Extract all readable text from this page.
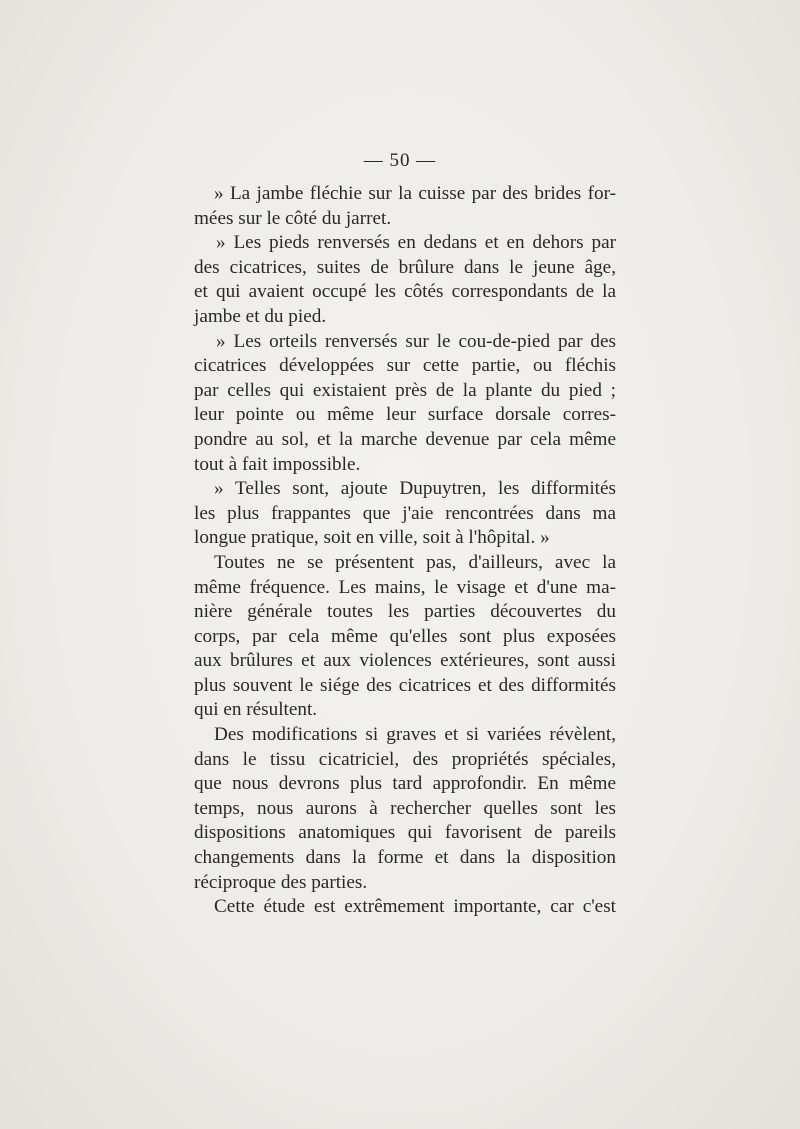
— 50 —
» La jambe fléchie sur la cuisse par des brides for-
mées sur le côté du jarret.
» Les pieds renversés en dedans et en dehors par
des cicatrices, suites de brûlure dans le jeune âge,
et qui avaient occupé les côtés correspondants de la
jambe et du pied.
» Les orteils renversés sur le cou-de-pied par des
cicatrices développées sur cette partie, ou fléchis
par celles qui existaient près de la plante du pied ;
leur pointe ou même leur surface dorsale corres-
pondre au sol, et la marche devenue par cela même
tout à fait impossible.
» Telles sont, ajoute Dupuytren, les difformités
les plus frappantes que j'aie rencontrées dans ma
longue pratique, soit en ville, soit à l'hôpital. »
Toutes ne se présentent pas, d'ailleurs, avec la
même fréquence. Les mains, le visage et d'une ma-
nière générale toutes les parties découvertes du
corps, par cela même qu'elles sont plus exposées
aux brûlures et aux violences extérieures, sont aussi
plus souvent le siége des cicatrices et des difformités
qui en résultent.
Des modifications si graves et si variées révèlent,
dans le tissu cicatriciel, des propriétés spéciales,
que nous devrons plus tard approfondir. En même
temps, nous aurons à rechercher quelles sont les
dispositions anatomiques qui favorisent de pareils
changements dans la forme et dans la disposition
réciproque des parties.
Cette étude est extrêmement importante, car c'est
